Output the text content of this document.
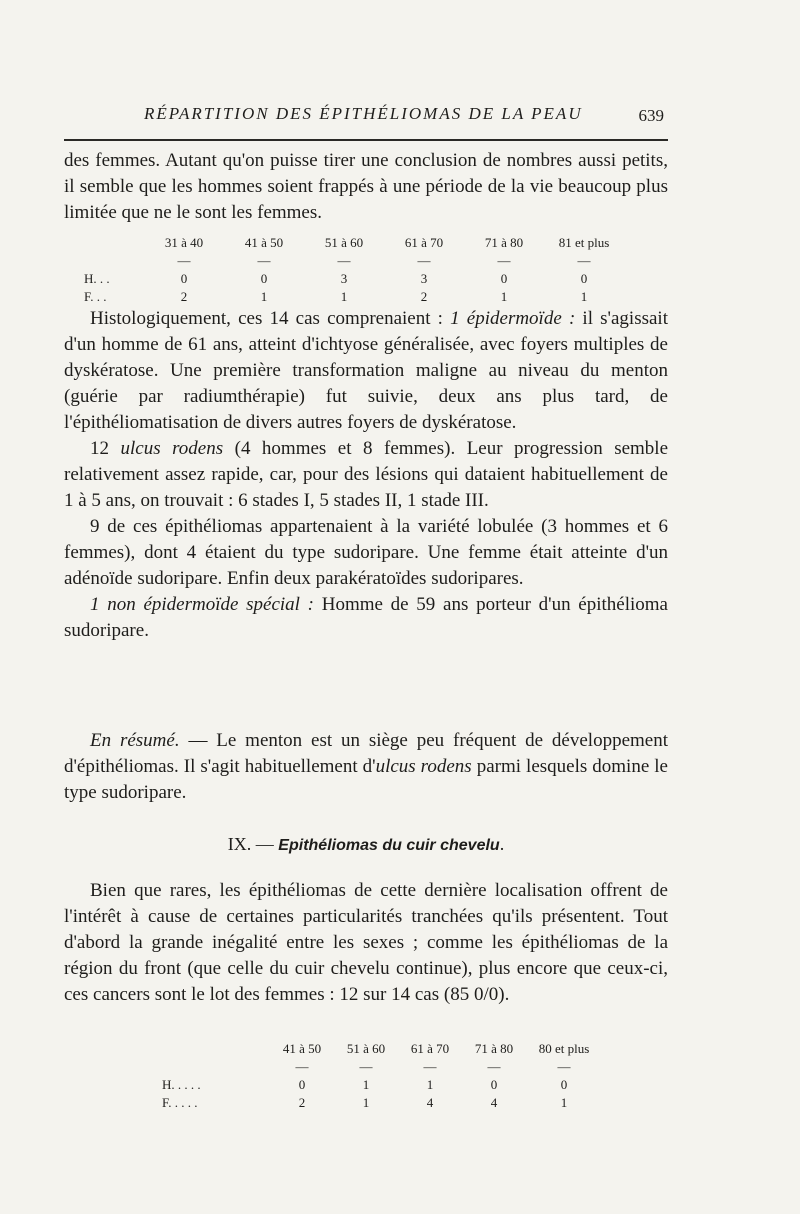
RÉPARTITION DES ÉPITHÉLIOMAS DE LA PEAU	639

des femmes. Autant qu'on puisse tirer une conclusion de nombres aussi petits, il semble que les hommes soient frappés à une période de la vie beaucoup plus limitée que ne le sont les femmes.

	31 à 40	41 à 50	51 à 60	61 à 70	71 à 80	81 et plus
	—	—	—	—	—	—
H. . .	0	0	3	3	0	0
F. . .	2	1	1	2	1	1

Histologiquement, ces 14 cas comprenaient : 1 épidermoïde : il s'agissait d'un homme de 61 ans, atteint d'ichtyose généralisée, avec foyers multiples de dyskératose. Une première transformation maligne au niveau du menton (guérie par radiumthérapie) fut suivie, deux ans plus tard, de l'épithéliomatisation de divers autres foyers de dyskératose.

12 ulcus rodens (4 hommes et 8 femmes). Leur progression semble relativement assez rapide, car, pour des lésions qui dataient habituellement de 1 à 5 ans, on trouvait : 6 stades I, 5 stades II, 1 stade III.

9 de ces épithéliomas appartenaient à la variété lobulée (3 hommes et 6 femmes), dont 4 étaient du type sudoripare. Une femme était atteinte d'un adénoïde sudoripare. Enfin deux parakératoïdes sudoripares.

1 non épidermoïde spécial : Homme de 59 ans porteur d'un épithélioma sudoripare.

En résumé. — Le menton est un siège peu fréquent de développement d'épithéliomas. Il s'agit habituellement d'ulcus rodens parmi lesquels domine le type sudoripare.

IX. — Epithéliomas du cuir chevelu.

Bien que rares, les épithéliomas de cette dernière localisation offrent de l'intérêt à cause de certaines particularités tranchées qu'ils présentent. Tout d'abord la grande inégalité entre les sexes ; comme les épithéliomas de la région du front (que celle du cuir chevelu continue), plus encore que ceux-ci, ces cancers sont le lot des femmes : 12 sur 14 cas (85 0/0).

	41 à 50	51 à 60	61 à 70	71 à 80	80 et plus
	—	—	—	—	—
H. . . . .	0	1	1	0	0
F. . . . .	2	1	4	4	1
